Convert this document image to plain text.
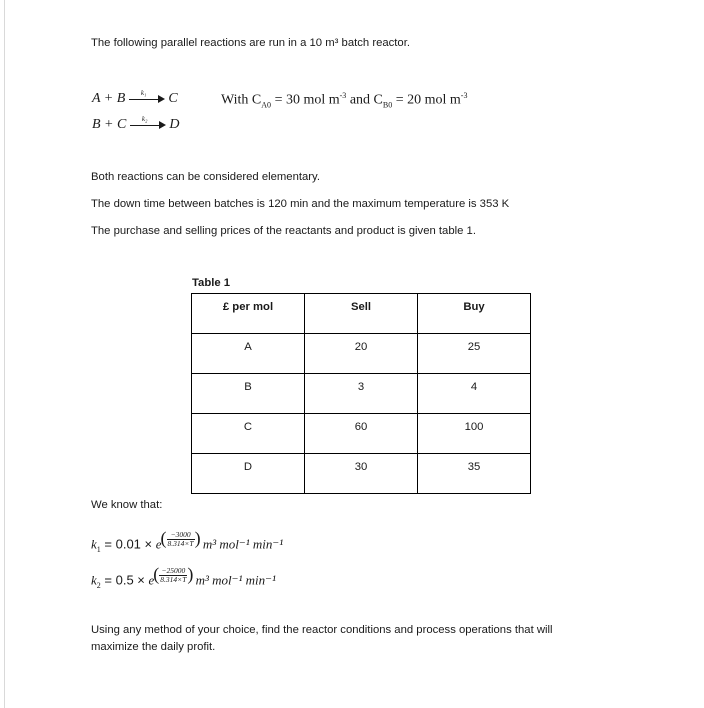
The following parallel reactions are run in a 10 m³ batch reactor.
A + B k₁ C
B + C k₂ D
With $C_{A0} = 30$ mol $m^{-3}$ and $C_{B0} = 20$ mol $m^{-3}$
Both reactions can be considered elementary.
The down time between batches is 120 min and the maximum temperature is 353 K
The purchase and selling prices of the reactants and product is given table 1.
Table 1
£ per mol	Sell	Buy

A	20	25

B	3	4

C	60	100

D	30	35
We know that:
$k_1 = 0.01 \times e$ ( $\frac{-3000}{8.314\times T}$ ) m³ mol⁻¹ min⁻¹
$k_2 = 0.5 \times e$ ( $\frac{-25000}{8.314\times T}$ ) m³ mol⁻¹ min⁻¹
Using any method of your choice, find the reactor conditions and process operations that will
maximize the daily profit.
